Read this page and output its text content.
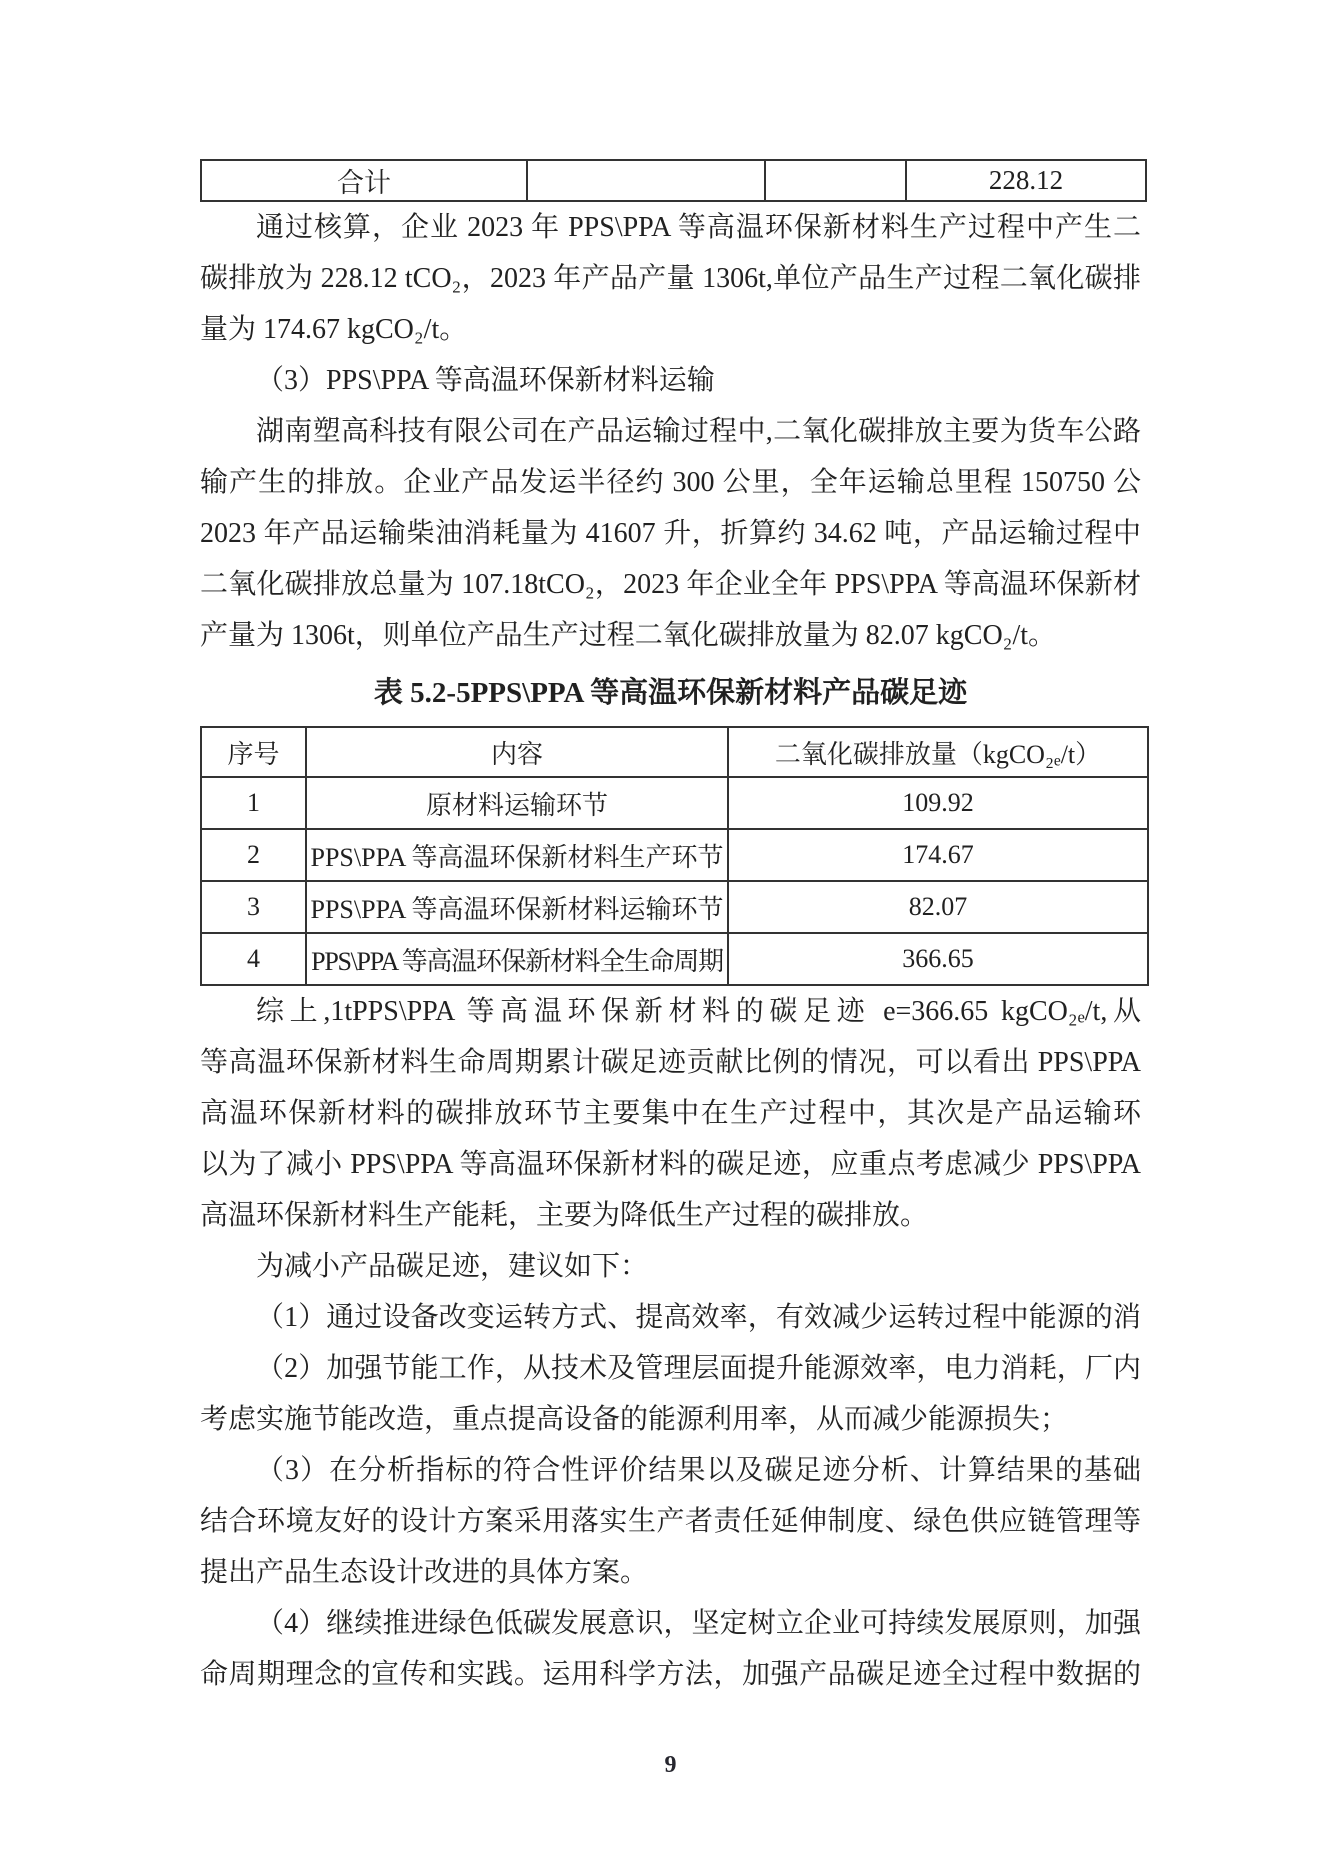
合计			228.12
通过核算，企业 2023 年 PPS\PPA 等高温环保新材料生产过程中产生二
碳排放为 228.12 tCO₂，2023 年产品产量 1306t,单位产品生产过程二氧化碳排
量为 174.67 kgCO₂/t。
（3）PPS\PPA 等高温环保新材料运输
湖南塑高科技有限公司在产品运输过程中,二氧化碳排放主要为货车公路
输产生的排放。企业产品发运半径约 300 公里，全年运输总里程 150750 公
2023 年产品运输柴油消耗量为 41607 升，折算约 34.62 吨，产品运输过程中
二氧化碳排放总量为 107.18tCO₂，2023 年企业全年 PPS\PPA 等高温环保新材
产量为 1306t，则单位产品生产过程二氧化碳排放量为 82.07 kgCO₂/t。
表 5.2-5PPS\PPA 等高温环保新材料产品碳足迹
序号	内容	二氧化碳排放量（kgCO₂ₑ/t）
1	原材料运输环节	109.92
2	PPS\PPA 等高温环保新材料生产环节	174.67
3	PPS\PPA 等高温环保新材料运输环节	82.07
4	PPS\PPA 等高温环保新材料全生命周期	366.65
综上,1tPPS\PPA 等高温环保新材料的碳足迹 e=366.65 kgCO₂ₑ/t,从
等高温环保新材料生命周期累计碳足迹贡献比例的情况，可以看出 PPS\PPA
高温环保新材料的碳排放环节主要集中在生产过程中，其次是产品运输环
以为了减小 PPS\PPA 等高温环保新材料的碳足迹，应重点考虑减少 PPS\PPA
高温环保新材料生产能耗，主要为降低生产过程的碳排放。
为减小产品碳足迹，建议如下：
（1）通过设备改变运转方式、提高效率，有效减少运转过程中能源的消
（2）加强节能工作，从技术及管理层面提升能源效率，电力消耗，厂内
考虑实施节能改造，重点提高设备的能源利用率，从而减少能源损失；
（3）在分析指标的符合性评价结果以及碳足迹分析、计算结果的基础
结合环境友好的设计方案采用落实生产者责任延伸制度、绿色供应链管理等
提出产品生态设计改进的具体方案。
（4）继续推进绿色低碳发展意识，坚定树立企业可持续发展原则，加强
命周期理念的宣传和实践。运用科学方法，加强产品碳足迹全过程中数据的
9
